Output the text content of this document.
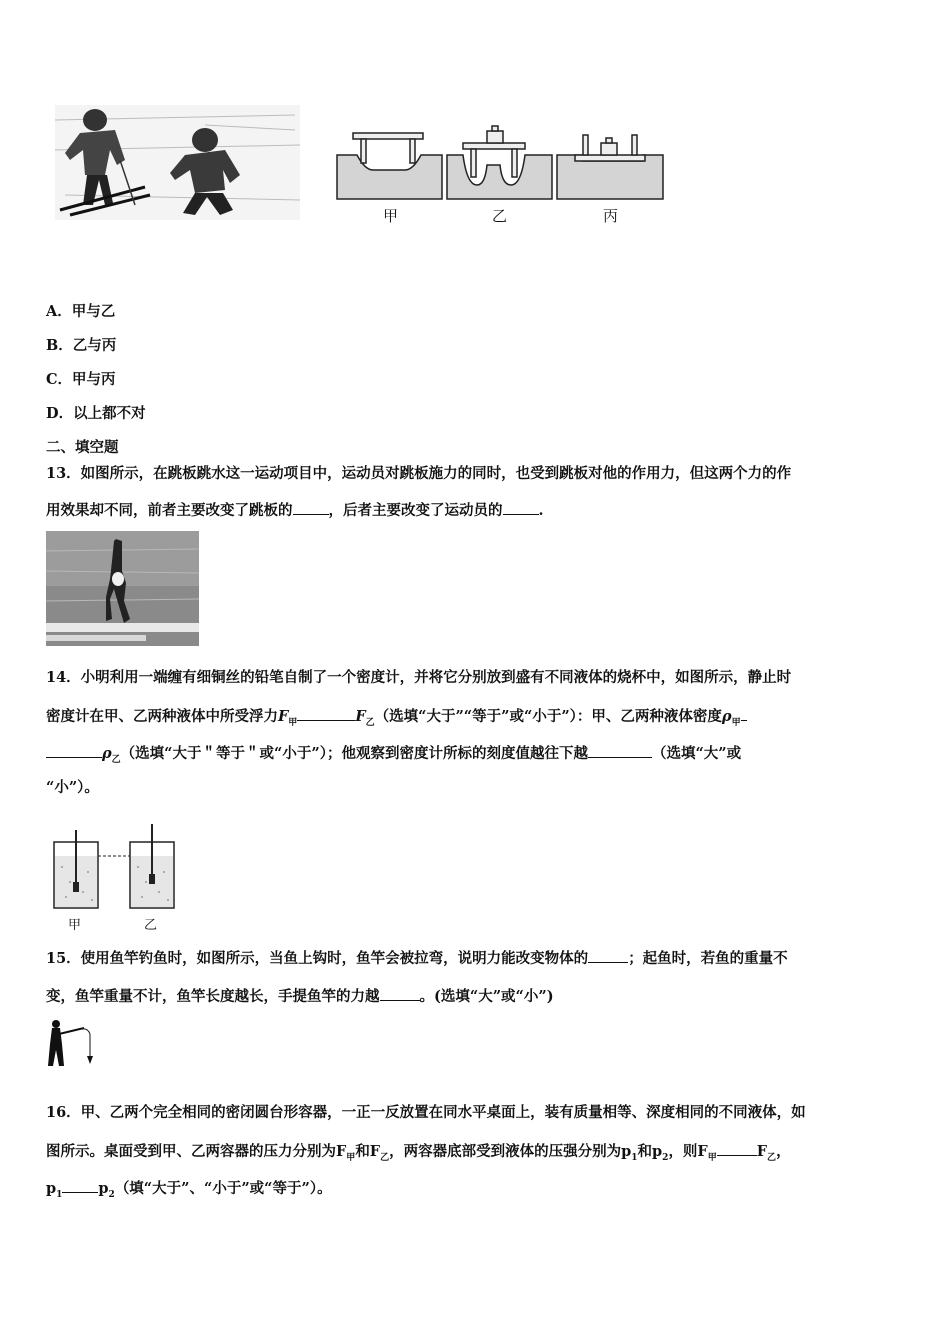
甲	乙	丙
A．甲与乙
B．乙与丙
C．甲与丙
D．以上都不对
二、填空题
13．如图所示，在跳板跳水这一运动项目中，运动员对跳板施力的同时，也受到跳板对他的作用力，但这两个力的作
用效果却不同，前者主要改变了跳板的 ，后者主要改变了运动员的 .
14．小明利用一端缠有细铜丝的铅笔自制了一个密度计，并将它分别放到盛有不同液体的烧杯中，如图所示，静止时
密度计在甲、乙两种液体中所受浮力$F_甲$	$F_乙$（选填“大于”“等于”或“小于”）：甲、乙两种液体密度$\rho_甲$
$\rho_乙$（选填“大于＂等于＂或“小于”）；他观察到密度计所标的刻度值越往下越	（选填“大”或
“小”）。
甲	乙
15．使用鱼竿钓鱼时，如图所示，当鱼上钩时，鱼竿会被拉弯，说明力能改变物体的	；起鱼时，若鱼的重量不
变，鱼竿重量不计，鱼竿长度越长，手提鱼竿的力越	。(选填“大”或“小”)
16．甲、乙两个完全相同的密闭圆台形容器，一正一反放置在同水平桌面上，装有质量相等、深度相同的不同液体，如
图所示。桌面受到甲、乙两容器的压力分别为$F_甲$和$F_乙$，两容器底部受到液体的压强分别为$p_1$和$p_2$，则$F_甲$	$F_乙$，
$p_1$ $p_2$（填“大于”、“小于”或“等于”）。
